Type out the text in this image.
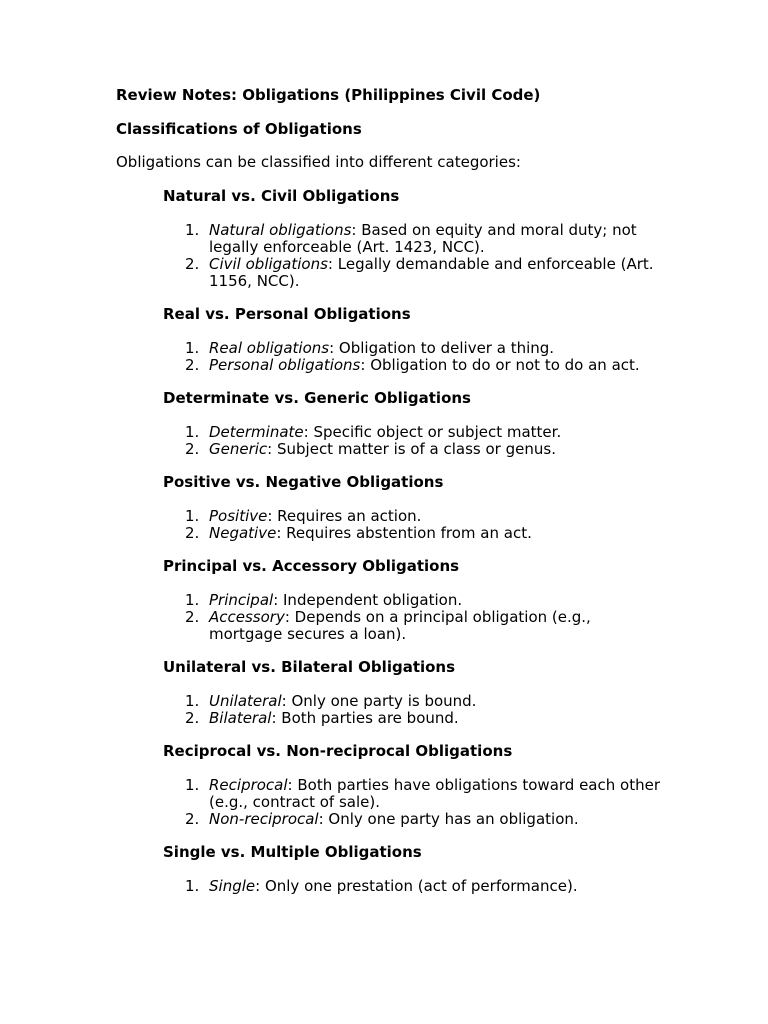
Review Notes: Obligations (Philippines Civil Code)
Classifications of Obligations
Obligations can be classified into different categories:
Natural vs. Civil Obligations
1. Natural obligations: Based on equity and moral duty; not legally enforceable (Art. 1423, NCC).
2. Civil obligations: Legally demandable and enforceable (Art. 1156, NCC).
Real vs. Personal Obligations
1. Real obligations: Obligation to deliver a thing.
2. Personal obligations: Obligation to do or not to do an act.
Determinate vs. Generic Obligations
1. Determinate: Specific object or subject matter.
2. Generic: Subject matter is of a class or genus.
Positive vs. Negative Obligations
1. Positive: Requires an action.
2. Negative: Requires abstention from an act.
Principal vs. Accessory Obligations
1. Principal: Independent obligation.
2. Accessory: Depends on a principal obligation (e.g., mortgage secures a loan).
Unilateral vs. Bilateral Obligations
1. Unilateral: Only one party is bound.
2. Bilateral: Both parties are bound.
Reciprocal vs. Non-reciprocal Obligations
1. Reciprocal: Both parties have obligations toward each other (e.g., contract of sale).
2. Non-reciprocal: Only one party has an obligation.
Single vs. Multiple Obligations
1. Single: Only one prestation (act of performance).
